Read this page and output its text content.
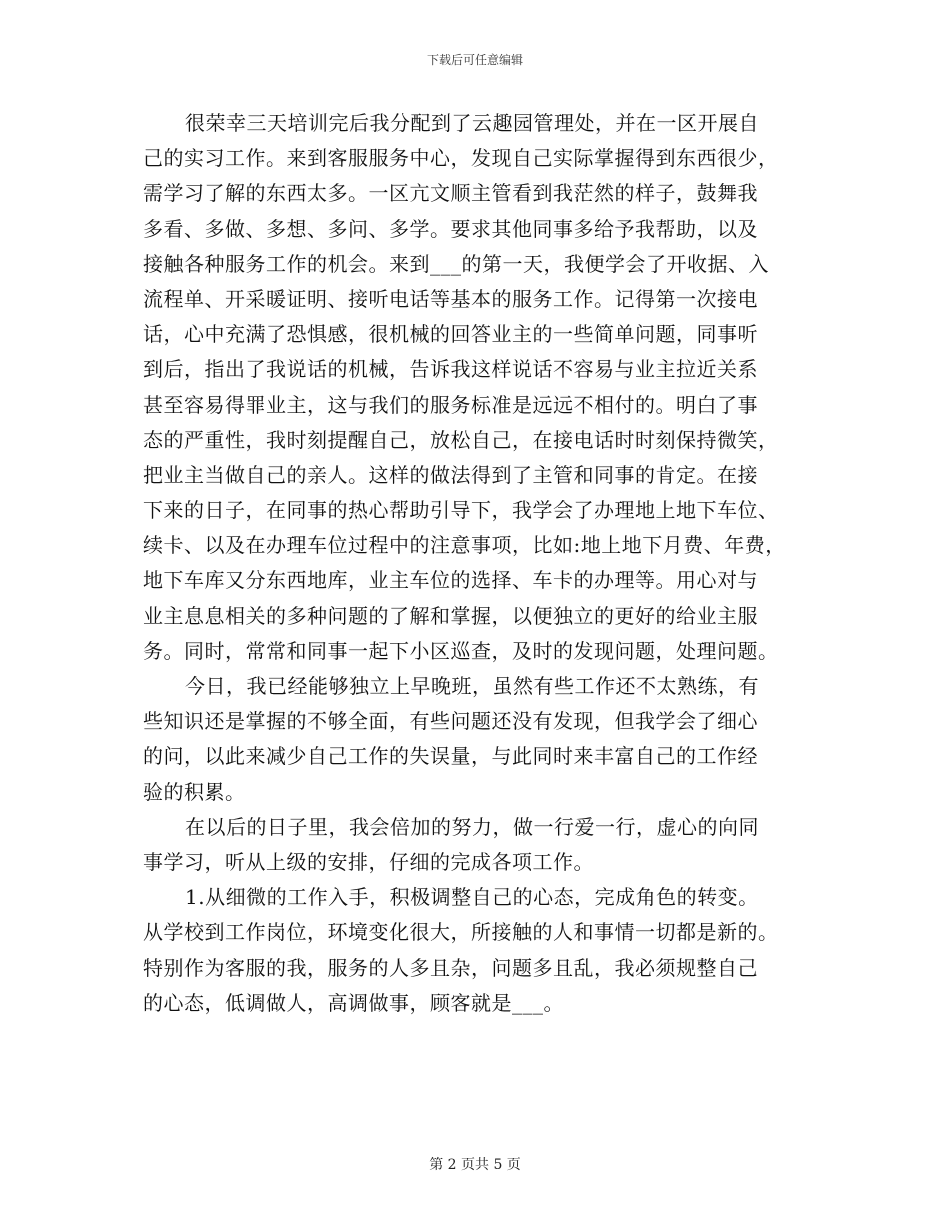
下载后可任意编辑
很荣幸三天培训完后我分配到了云趣园管理处，并在一区开展自
己的实习工作。来到客服服务中心，发现自己实际掌握得到东西很少，
需学习了解的东西太多。一区亢文顺主管看到我茫然的样子，鼓舞我
多看、多做、多想、多问、多学。要求其他同事多给予我帮助，以及
接触各种服务工作的机会。来到___的第一天，我便学会了开收据、入
流程单、开采暖证明、接听电话等基本的服务工作。记得第一次接电
话，心中充满了恐惧感，很机械的回答业主的一些简单问题，同事听
到后，指出了我说话的机械，告诉我这样说话不容易与业主拉近关系
甚至容易得罪业主，这与我们的服务标准是远远不相付的。明白了事
态的严重性，我时刻提醒自己，放松自己，在接电话时时刻保持微笑，
把业主当做自己的亲人。这样的做法得到了主管和同事的肯定。在接
下来的日子，在同事的热心帮助引导下，我学会了办理地上地下车位、
续卡、以及在办理车位过程中的注意事项，比如:地上地下月费、年费，
地下车库又分东西地库，业主车位的选择、车卡的办理等。用心对与
业主息息相关的多种问题的了解和掌握，以便独立的更好的给业主服
务。同时，常常和同事一起下小区巡查，及时的发现问题，处理问题。
今日，我已经能够独立上早晚班，虽然有些工作还不太熟练，有
些知识还是掌握的不够全面，有些问题还没有发现，但我学会了细心
的问，以此来减少自己工作的失误量，与此同时来丰富自己的工作经
验的积累。
在以后的日子里，我会倍加的努力，做一行爱一行，虚心的向同
事学习，听从上级的安排，仔细的完成各项工作。
1.从细微的工作入手，积极调整自己的心态，完成角色的转变。
从学校到工作岗位，环境变化很大，所接触的人和事情一切都是新的。
特别作为客服的我，服务的人多且杂，问题多且乱，我必须规整自己
的心态，低调做人，高调做事，顾客就是___。
第 2 页共 5 页
